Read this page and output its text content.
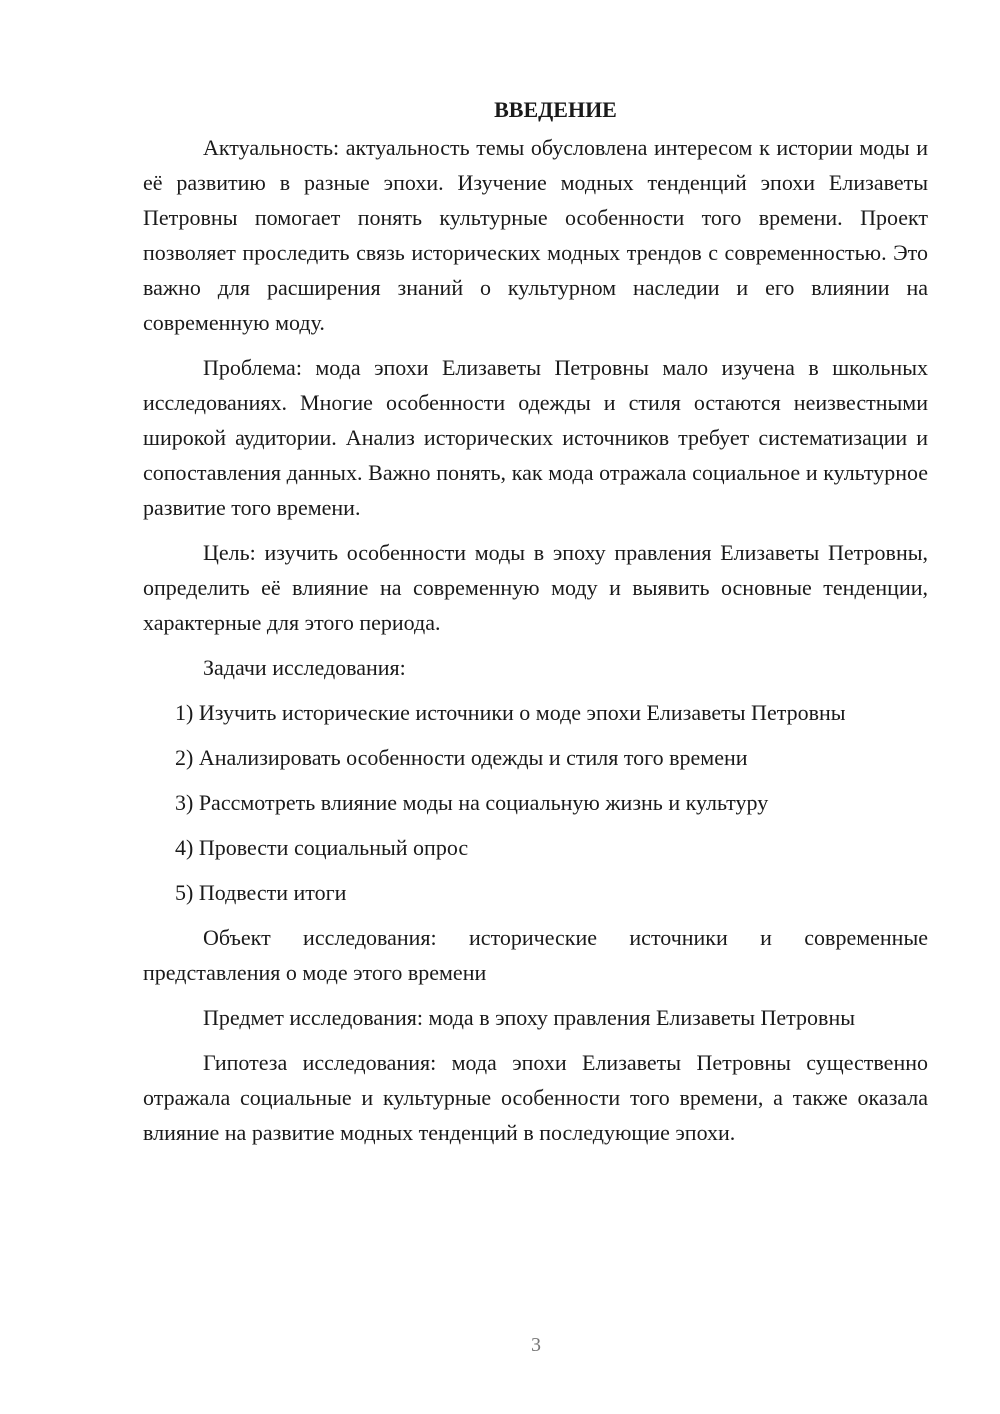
ВВЕДЕНИЕ

Актуальность: актуальность темы обусловлена интересом к истории моды и её развитию в разные эпохи. Изучение модных тенденций эпохи Елизаветы Петровны помогает понять культурные особенности того времени. Проект позволяет проследить связь исторических модных трендов с современностью. Это важно для расширения знаний о культурном наследии и его влиянии на современную моду.

Проблема: мода эпохи Елизаветы Петровны мало изучена в школьных исследованиях. Многие особенности одежды и стиля остаются неизвестными широкой аудитории. Анализ исторических источников требует систематизации и сопоставления данных. Важно понять, как мода отражала социальное и культурное развитие того времени.

Цель: изучить особенности моды в эпоху правления Елизаветы Петровны, определить её влияние на современную моду и выявить основные тенденции, характерные для этого периода.

Задачи исследования:

1) Изучить исторические источники о моде эпохи Елизаветы Петровны

2) Анализировать особенности одежды и стиля того времени

3) Рассмотреть влияние моды на социальную жизнь и культуру

4) Провести социальный опрос

5) Подвести итоги

Объект исследования: исторические источники и современные представления о моде этого времени

Предмет исследования: мода в эпоху правления Елизаветы Петровны

Гипотеза исследования: мода эпохи Елизаветы Петровны существенно отражала социальные и культурные особенности того времени, а также оказала влияние на развитие модных тенденций в последующие эпохи.

3
